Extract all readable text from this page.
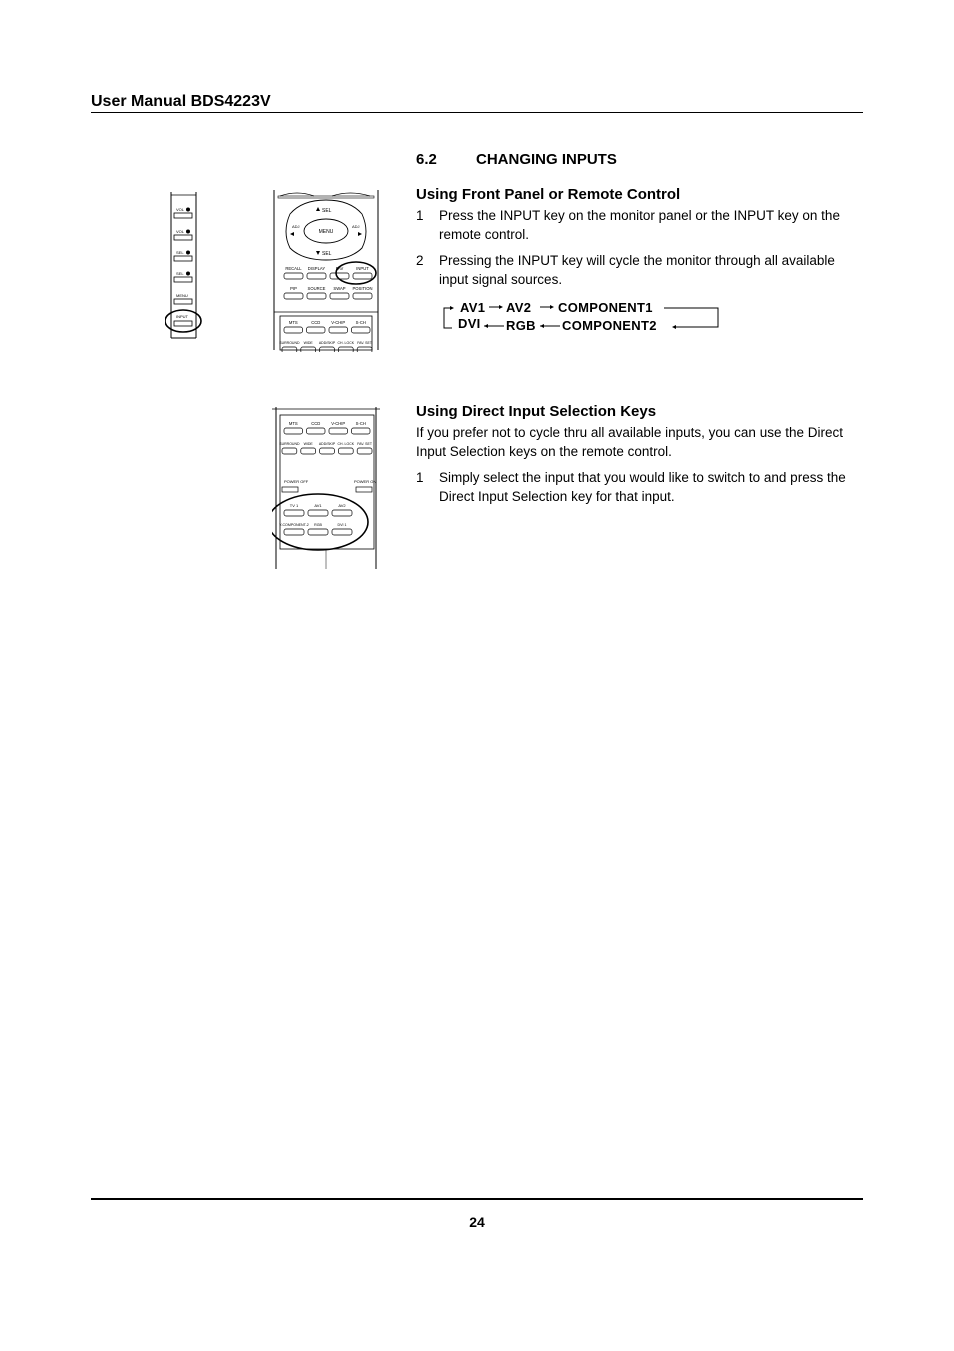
User Manual BDS4223V
6.2	CHANGING INPUTS
VOL
VOL
SEL
SEL
MENU
INPUT
MENU
SEL
SEL
ADJ	ADJ
RECALL DISPLAY	FAV	INPUT
PIP	SOURCE SWAP POSITION
MTS	CCD	V-CHIP S-CH
SURROUND WIDE ADD/SKIP CH. LOCK FAV. SET
Using Front Panel or Remote Control
1 Press the INPUT key on the monitor panel or the INPUT key on the remote control.
2 Pressing the INPUT key will cycle the monitor through all available input signal sources.
AV1 AV2 COMPONENT1
COMPONENT2
RGB
DVI
MTS	CCD	V-CHIP S-CH
SURROUND WIDE ADD/SKIP CH. LOCK FAV. SET
POWER OFF	POWER ON
TV 1	AV1	AV2
Y-COMPONENT-2 RGB	DVI 1
Using Direct Input Selection Keys
If you prefer not to cycle thru all available inputs, you can use the Direct Input Selection keys on the remote control.
1 Simply select the input that you would like to switch to and press the Direct Input Selection key for that input.
24
